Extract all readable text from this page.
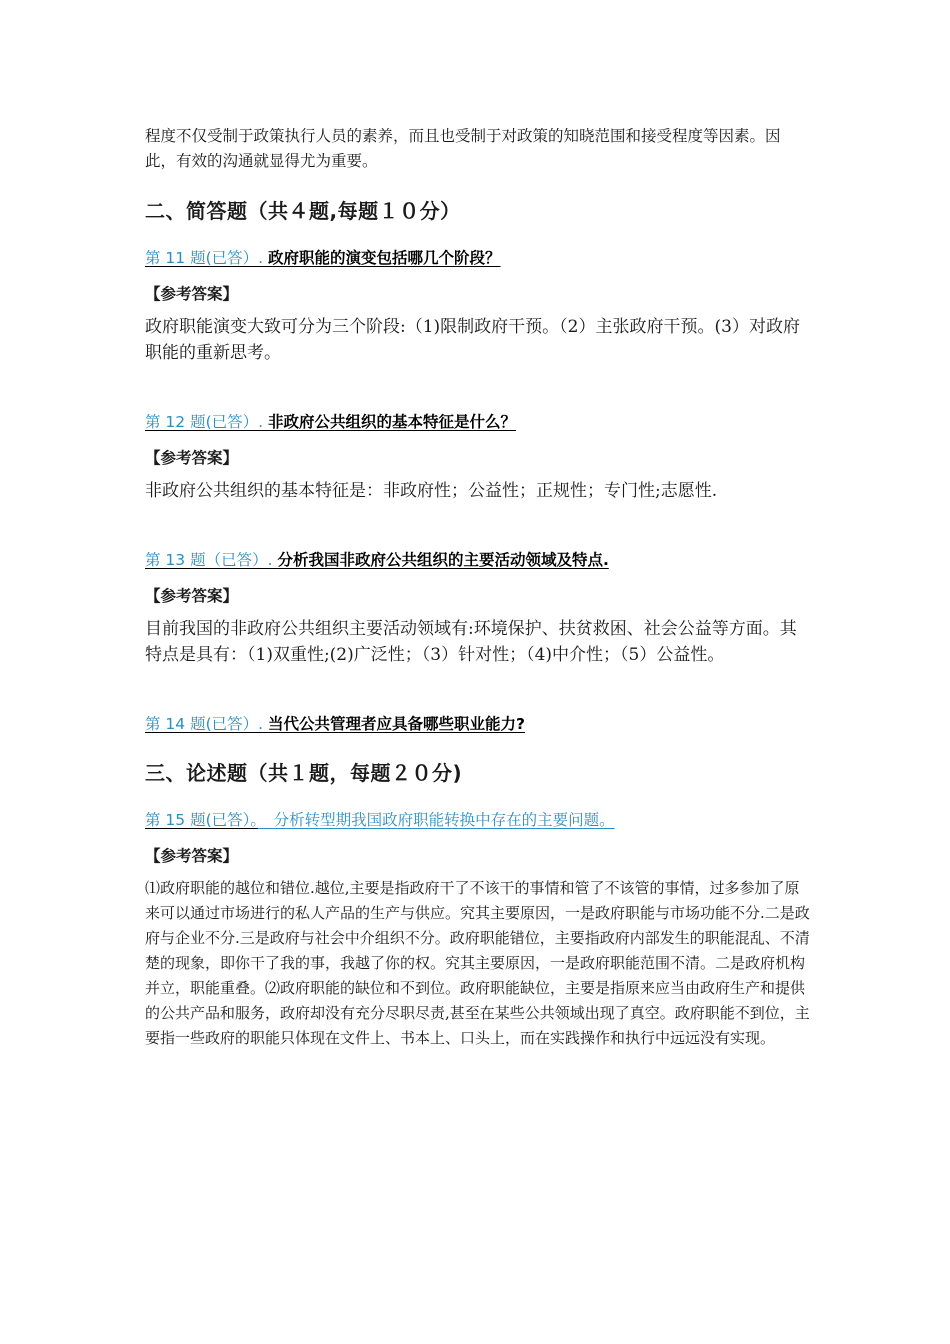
程度不仅受制于政策执行人员的素养，而且也受制于对政策的知晓范围和接受程度等因素。因此，有效的沟通就显得尤为重要。

二、简答题（共４题,每题１０分）
第 11 题(已答）. 政府职能的演变包括哪几个阶段？
【参考答案】
政府职能演变大致可分为三个阶段:（1)限制政府干预。（2）主张政府干预。(3）对政府职能的重新思考。
第 12 题(已答）. 非政府公共组织的基本特征是什么？
【参考答案】
非政府公共组织的基本特征是：非政府性；公益性；正规性；专门性;志愿性.
第 13 题（已答）. 分析我国非政府公共组织的主要活动领域及特点.
【参考答案】
目前我国的非政府公共组织主要活动领域有:环境保护、扶贫救困、社会公益等方面。其特点是具有：（1)双重性;(2)广泛性；（3）针对性；（4)中介性；（5）公益性。
第 14 题(已答）. 当代公共管理者应具备哪些职业能力?
三、论述题（共１题，每题２０分)
第 15 题(已答）。　分析转型期我国政府职能转换中存在的主要问题。
【参考答案】
⑴政府职能的越位和错位.越位,主要是指政府干了不该干的事情和管了不该管的事情，过多参加了原来可以通过市场进行的私人产品的生产与供应。究其主要原因，一是政府职能与市场功能不分.二是政府与企业不分.三是政府与社会中介组织不分。政府职能错位，主要指政府内部发生的职能混乱、不清楚的现象，即你干了我的事，我越了你的权。究其主要原因，一是政府职能范围不清。二是政府机构并立，职能重叠。⑵政府职能的缺位和不到位。政府职能缺位，主要是指原来应当由政府生产和提供的公共产品和服务，政府却没有充分尽职尽责,甚至在某些公共领域出现了真空。政府职能不到位，主要指一些政府的职能只体现在文件上、书本上、口头上，而在实践操作和执行中远远没有实现。
